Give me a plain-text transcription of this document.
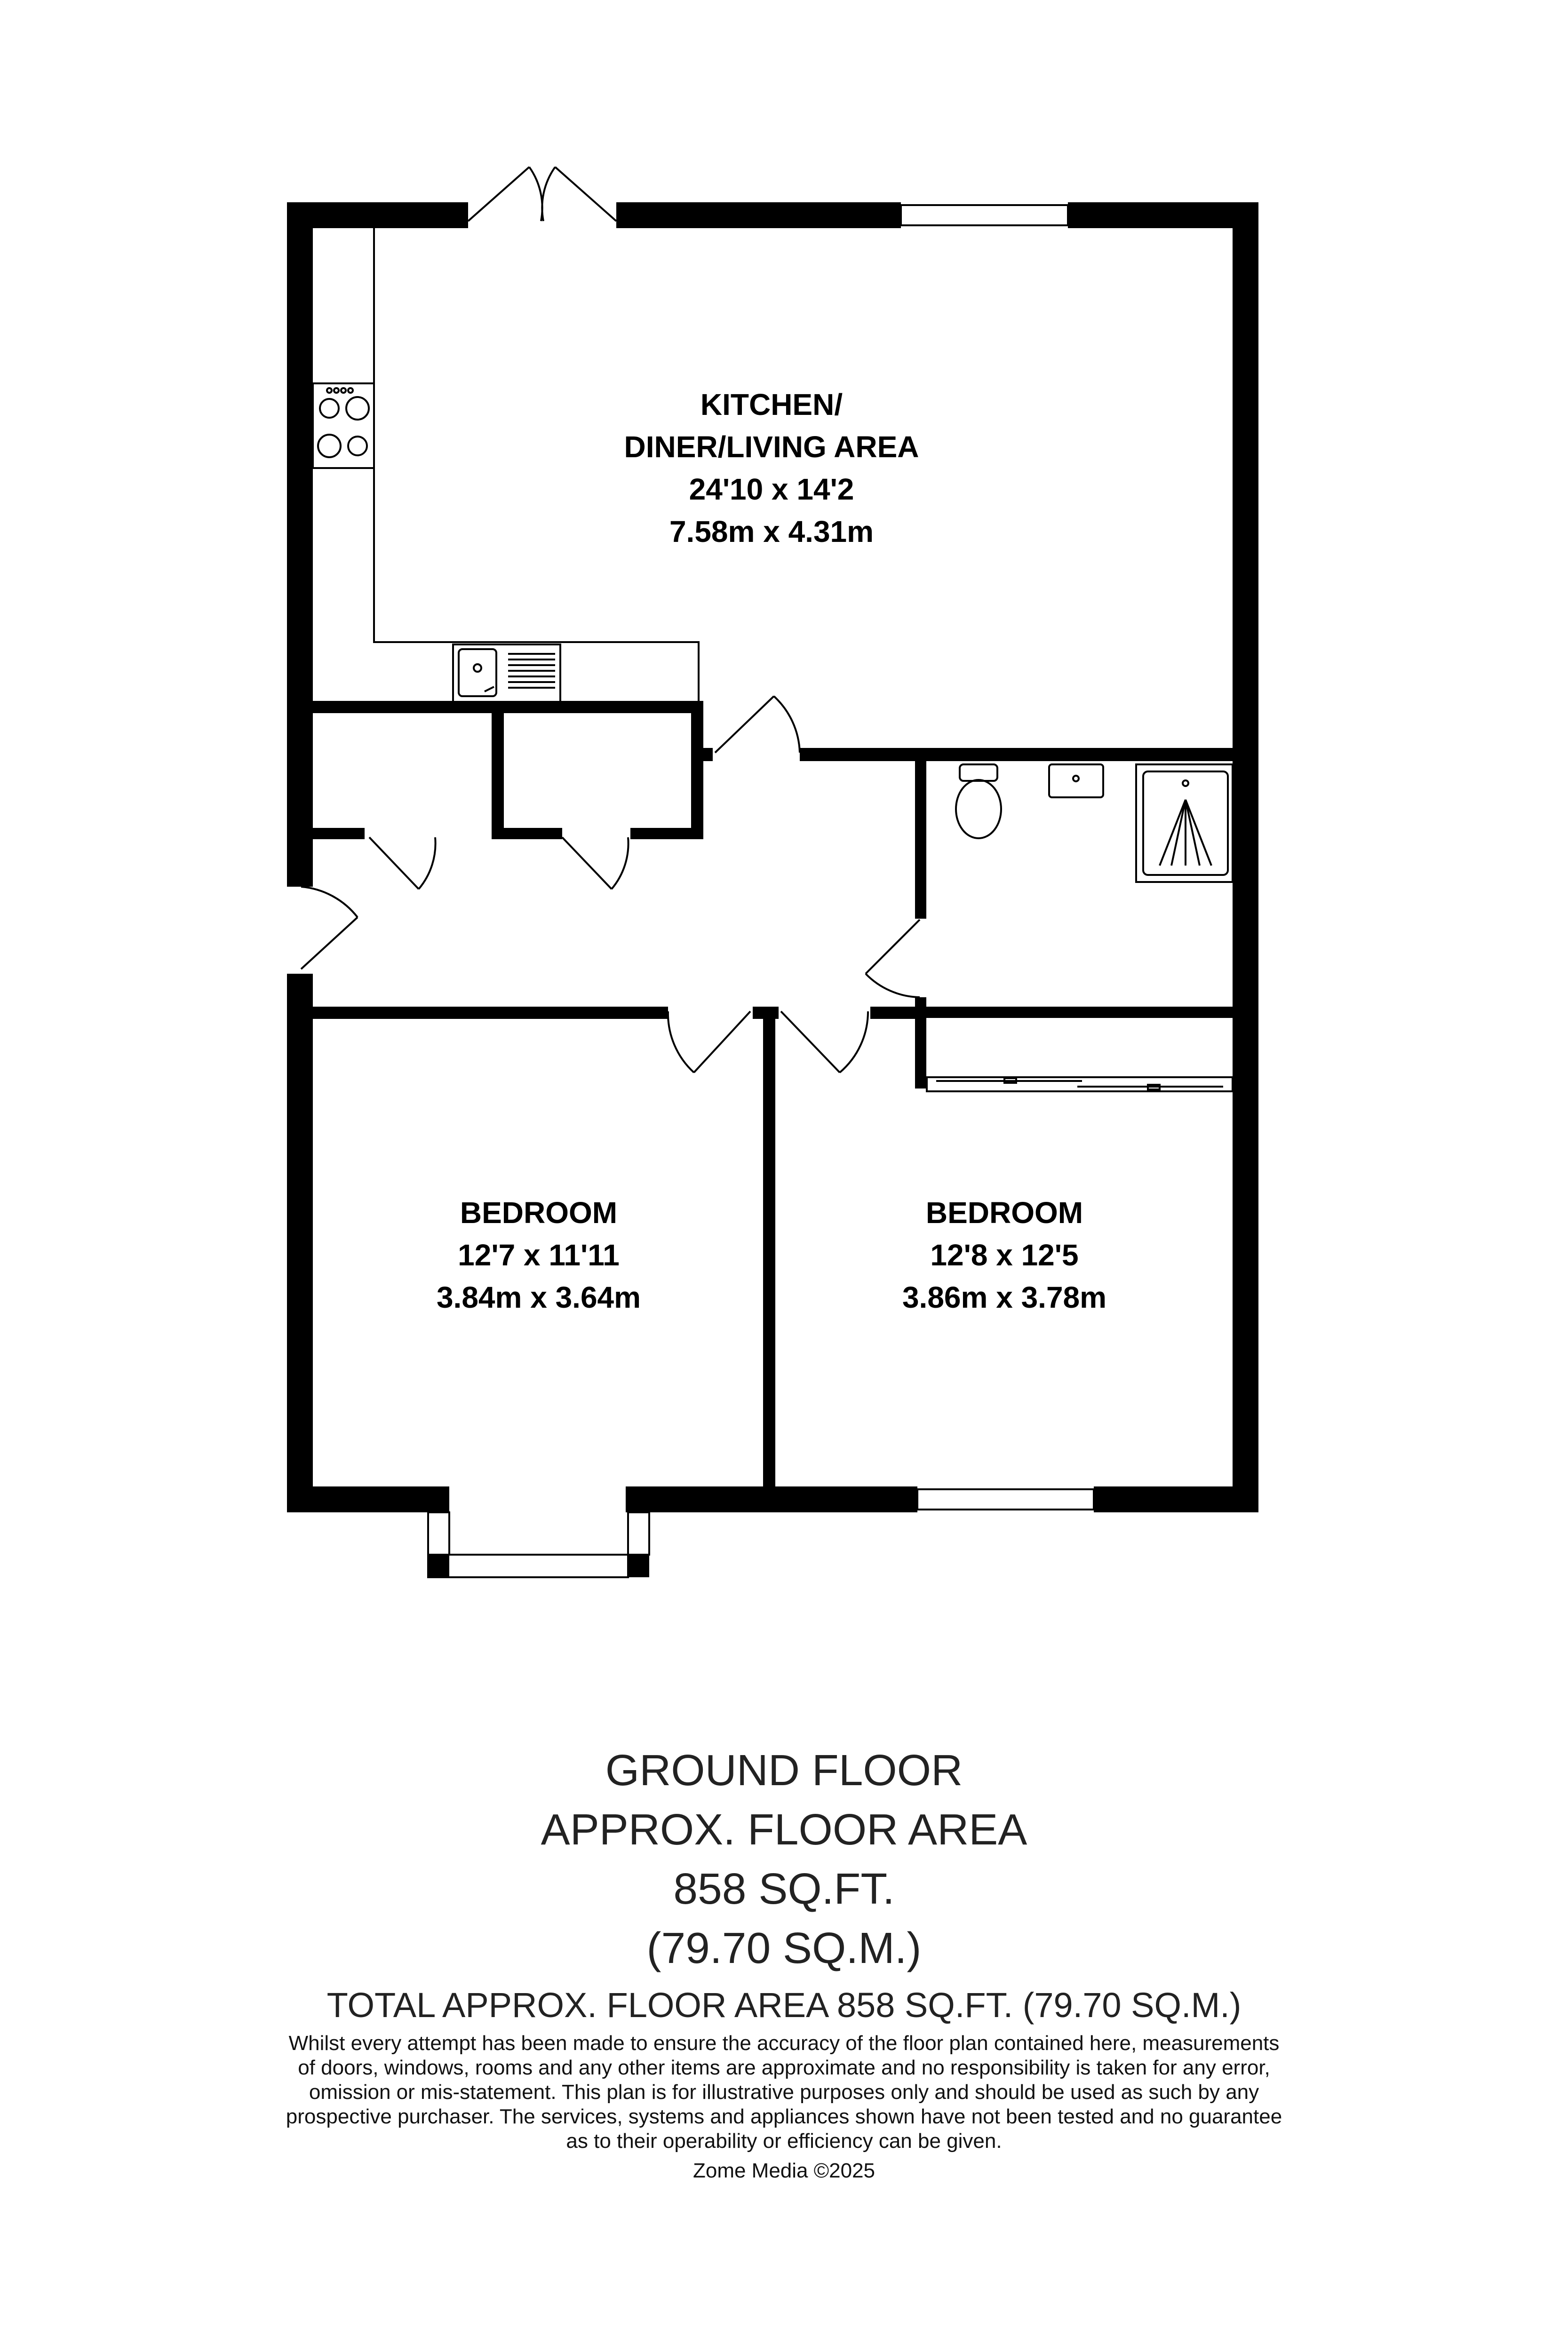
KITCHEN/
DINER/LIVING AREA
24'10 x 14'2
7.58m x 4.31m
BEDROOM
12'7 x 11'11
3.84m x 3.64m
BEDROOM
12'8 x 12'5
3.86m x 3.78m
GROUND FLOOR
APPROX. FLOOR AREA
858 SQ.FT.
(79.70 SQ.M.)
TOTAL APPROX. FLOOR AREA 858 SQ.FT. (79.70 SQ.M.)
Whilst every attempt has been made to ensure the accuracy of the floor plan contained here, measurements
of doors, windows, rooms and any other items are approximate and no responsibility is taken for any error,
omission or mis-statement. This plan is for illustrative purposes only and should be used as such by any
prospective purchaser. The services, systems and appliances shown have not been tested and no guarantee
as to their operability or efficiency can be given.
Zome Media ©2025
